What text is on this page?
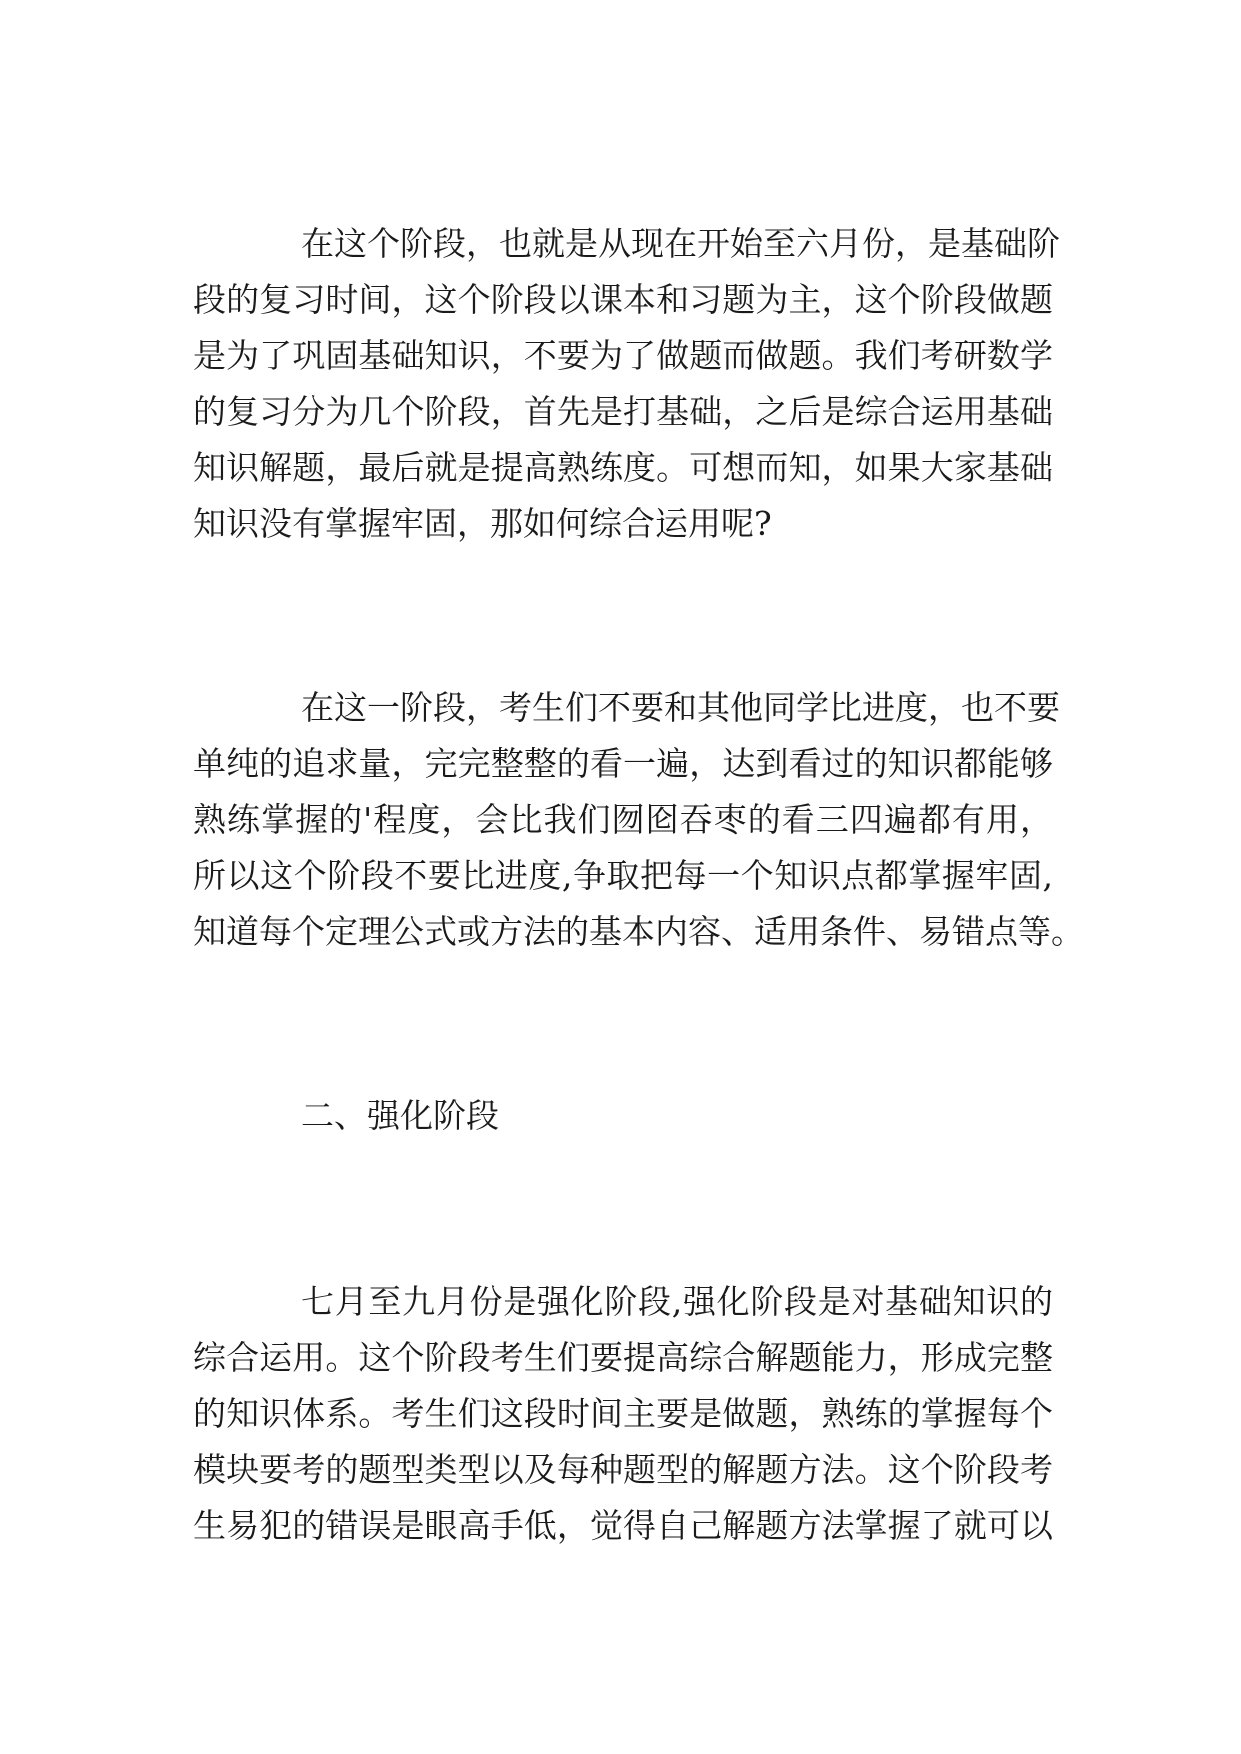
在这个阶段，也就是从现在开始至六月份，是基础阶
段的复习时间，这个阶段以课本和习题为主，这个阶段做题
是为了巩固基础知识，不要为了做题而做题。我们考研数学
的复习分为几个阶段，首先是打基础，之后是综合运用基础
知识解题，最后就是提高熟练度。可想而知，如果大家基础
知识没有掌握牢固，那如何综合运用呢?
在这一阶段，考生们不要和其他同学比进度，也不要
单纯的追求量，完完整整的看一遍，达到看过的知识都能够
熟练掌握的'程度，会比我们囫囵吞枣的看三四遍都有用，
所以这个阶段不要比进度,争取把每一个知识点都掌握牢固,
知道每个定理公式或方法的基本内容、适用条件、易错点等。
二、强化阶段
七月至九月份是强化阶段,强化阶段是对基础知识的
综合运用。这个阶段考生们要提高综合解题能力，形成完整
的知识体系。考生们这段时间主要是做题，熟练的掌握每个
模块要考的题型类型以及每种题型的解题方法。这个阶段考
生易犯的错误是眼高手低，觉得自己解题方法掌握了就可以
